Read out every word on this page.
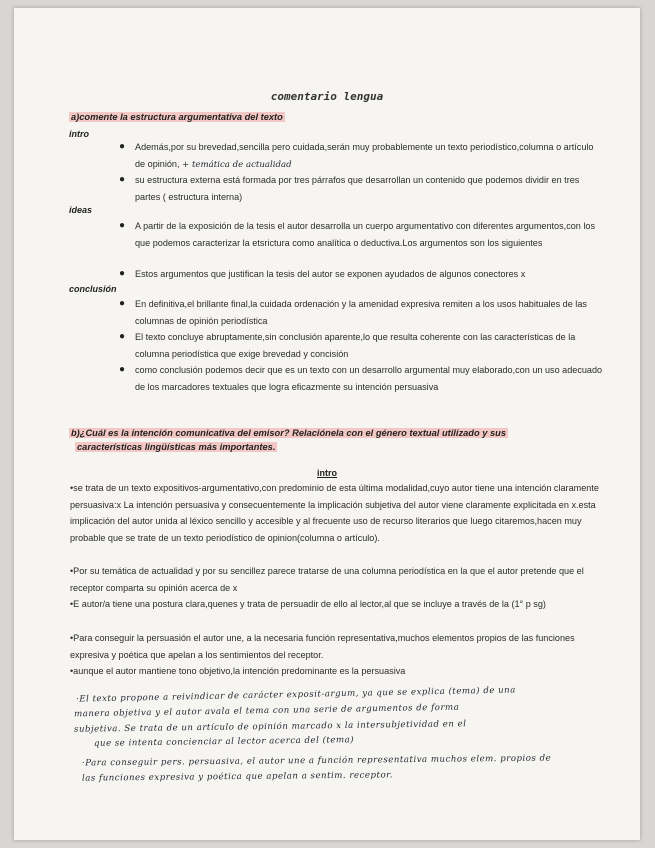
comentario lengua
a)comente la estructura argumentativa del texto
intro
● Además,por su brevedad,sencilla pero cuidada,serán muy probablemente un texto periodístico,columna o artículo de opinión, + temática de actualidad
● su estructura externa está formada por tres párrafos que desarrollan un contenido que podemos dividir en tres partes ( estructura interna)
ideas
● A partir de la exposición de la tesis el autor desarrolla un cuerpo argumentativo con diferentes argumentos,con los que podemos caracterizar la etsrictura como analítica o deductiva.Los argumentos son los siguientes
● Estos argumentos que justifican la tesis del autor se exponen ayudados de algunos conectores x
conclusión
● En definitiva,el brillante final,la cuidada ordenación y la amenidad expresiva remiten a los usos habituales de las columnas de opinión periodística
● El texto concluye abruptamente,sin conclusión aparente,lo que resulta coherente con las características de la columna periodística que exige brevedad y concisión
● como conclusión podemos decir que es un texto con un desarrollo argumental muy elaborado,con un uso adecuado de los marcadores textuales que logra eficazmente su intención persuasiva
b)¿Cuál es la intención comunicativa del emisor? Relaciónela con el género textual utilizado y sus
características lingüísticas más importantes.
intro
•se trata de un texto expositivos-argumentativo,con predominio de esta última modalidad,cuyo autor tiene una intención claramente persuasiva:x La intención persuasiva y consecuentemente la implicación subjetiva del autor viene claramente explicitada en x.esta implicación del autor unida al léxico sencillo y accesible y al frecuente uso de recurso literarios que luego citaremos,hacen muy probable que se trate de un texto periodístico de opinion(columna o artículo).
•Por su temática de actualidad y por su sencillez parece tratarse de una columna periodística en la que el autor pretende que el receptor comparta su opinión acerca de x
•E autor/a tiene una postura clara,quenes y trata de persuadir de ello al lector,al que se incluye a través de la (1° p sg)
•Para conseguir la persuasión el autor une, a la necesaria función representativa,muchos elementos propios de las funciones expresiva y poética que apelan a los sentimientos del receptor.
•aunque el autor mantiene tono objetivo,la intención predominante es la persuasiva
·El texto propone a reivindicar de carácter exposit-argum, ya que se explica (tema) de una
manera objetiva y el autor avala el tema con una serie de argumentos de forma
subjetiva. Se trata de un artículo de opinión marcado x la intersubjetividad en el
que se intenta concienciar al lector acerca del (tema)
·Para conseguir pers. persuasiva, el autor une a función representativa muchos elem. propios de
las funciones expresiva y poética que apelan a sentim. receptor.
